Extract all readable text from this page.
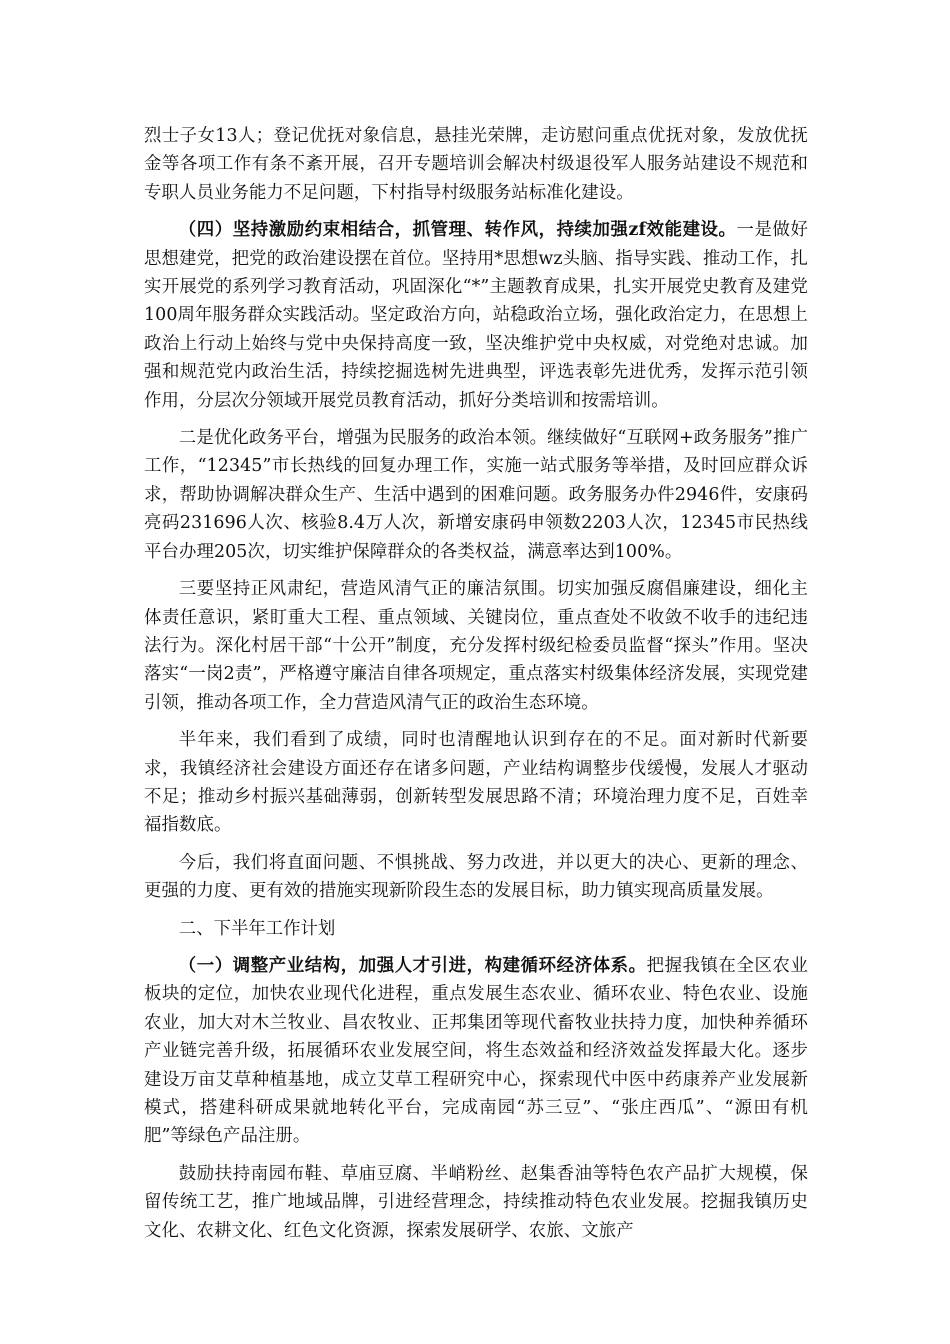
烈士子女13人；登记优抚对象信息，悬挂光荣牌，走访慰问重点优抚对象，发放优抚金等各项工作有条不紊开展，召开专题培训会解决村级退役军人服务站建设不规范和专职人员业务能力不足问题，下村指导村级服务站标准化建设。

（四）坚持激励约束相结合，抓管理、转作风，持续加强zf效能建设。一是做好思想建党，把党的政治建设摆在首位。坚持用*思想wz头脑、指导实践、推动工作，扎实开展党的系列学习教育活动，巩固深化“*”主题教育成果，扎实开展党史教育及建党100周年服务群众实践活动。坚定政治方向，站稳政治立场，强化政治定力，在思想上政治上行动上始终与党中央保持高度一致，坚决维护党中央权威，对党绝对忠诚。加强和规范党内政治生活，持续挖掘选树先进典型，评选表彰先进优秀，发挥示范引领作用，分层次分领域开展党员教育活动，抓好分类培训和按需培训。

二是优化政务平台，增强为民服务的政治本领。继续做好“互联网+政务服务”推广工作，“12345”市长热线的回复办理工作，实施一站式服务等举措，及时回应群众诉求，帮助协调解决群众生产、生活中遇到的困难问题。政务服务办件2946件，安康码亮码231696人次、核验8.4万人次，新增安康码申领数2203人次，12345市民热线平台办理205次，切实维护保障群众的各类权益，满意率达到100%。

三要坚持正风肃纪，营造风清气正的廉洁氛围。切实加强反腐倡廉建设，细化主体责任意识，紧盯重大工程、重点领域、关键岗位，重点查处不收敛不收手的违纪违法行为。深化村居干部“十公开”制度，充分发挥村级纪检委员监督“探头”作用。坚决落实“一岗2责”，严格遵守廉洁自律各项规定，重点落实村级集体经济发展，实现党建引领，推动各项工作，全力营造风清气正的政治生态环境。

半年来，我们看到了成绩，同时也清醒地认识到存在的不足。面对新时代新要求，我镇经济社会建设方面还存在诸多问题，产业结构调整步伐缓慢，发展人才驱动不足；推动乡村振兴基础薄弱，创新转型发展思路不清；环境治理力度不足，百姓幸福指数底。

今后，我们将直面问题、不惧挑战、努力改进，并以更大的决心、更新的理念、更强的力度、更有效的措施实现新阶段生态的发展目标，助力镇实现高质量发展。

二、下半年工作计划

（一）调整产业结构，加强人才引进，构建循环经济体系。把握我镇在全区农业板块的定位，加快农业现代化进程，重点发展生态农业、循环农业、特色农业、设施农业，加大对木兰牧业、昌农牧业、正邦集团等现代畜牧业扶持力度，加快种养循环产业链完善升级，拓展循环农业发展空间，将生态效益和经济效益发挥最大化。逐步建设万亩艾草种植基地，成立艾草工程研究中心，探索现代中医中药康养产业发展新模式，搭建科研成果就地转化平台，完成南园“苏三豆”、“张庄西瓜”、“源田有机肥”等绿色产品注册。

鼓励扶持南园布鞋、草庙豆腐、半峭粉丝、赵集香油等特色农产品扩大规模，保留传统工艺，推广地域品牌，引进经营理念，持续推动特色农业发展。挖掘我镇历史文化、农耕文化、红色文化资源，探索发展研学、农旅、文旅产
